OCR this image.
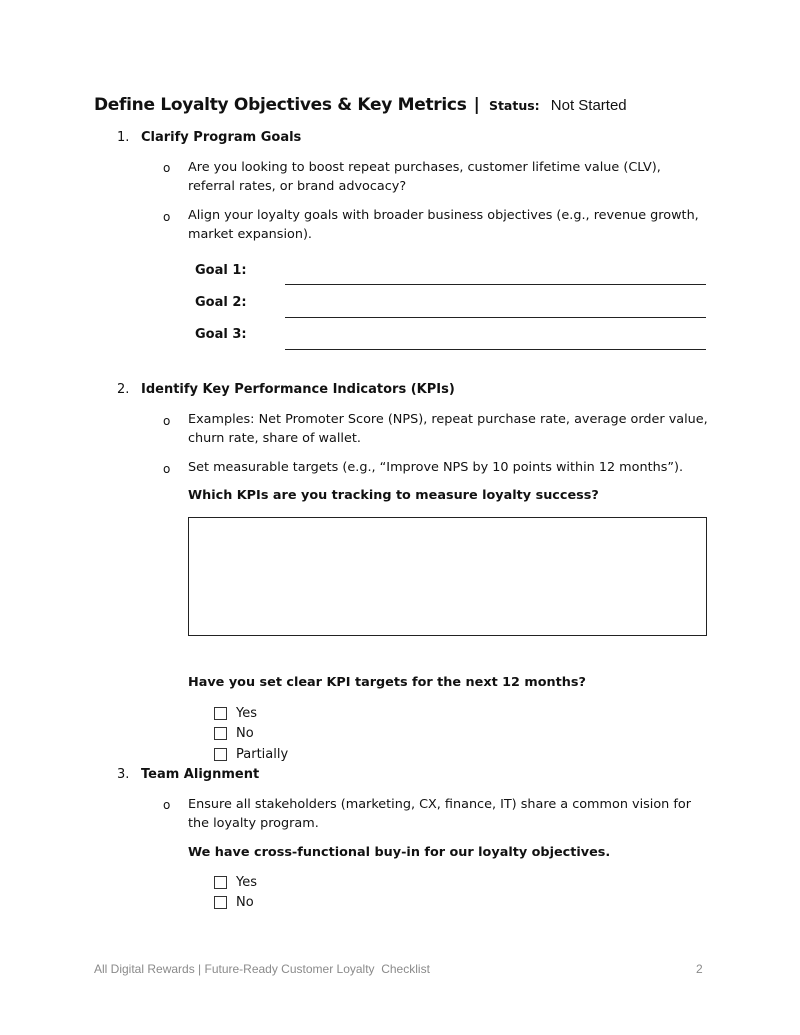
Define Loyalty Objectives & Key Metrics | Status: Not Started
1. Clarify Program Goals
o Are you looking to boost repeat purchases, customer lifetime value (CLV), referral rates, or brand advocacy?
o Align your loyalty goals with broader business objectives (e.g., revenue growth, market expansion).
Goal 1:
Goal 2:
Goal 3:
2. Identify Key Performance Indicators (KPIs)
o Examples: Net Promoter Score (NPS), repeat purchase rate, average order value, churn rate, share of wallet.
o Set measurable targets (e.g., “Improve NPS by 10 points within 12 months”).
Which KPIs are you tracking to measure loyalty success?
Have you set clear KPI targets for the next 12 months?
Yes
No
Partially
3. Team Alignment
o Ensure all stakeholders (marketing, CX, finance, IT) share a common vision for the loyalty program.
We have cross-functional buy-in for our loyalty objectives.
Yes
No
All Digital Rewards | Future-Ready Customer Loyalty  Checklist	2
